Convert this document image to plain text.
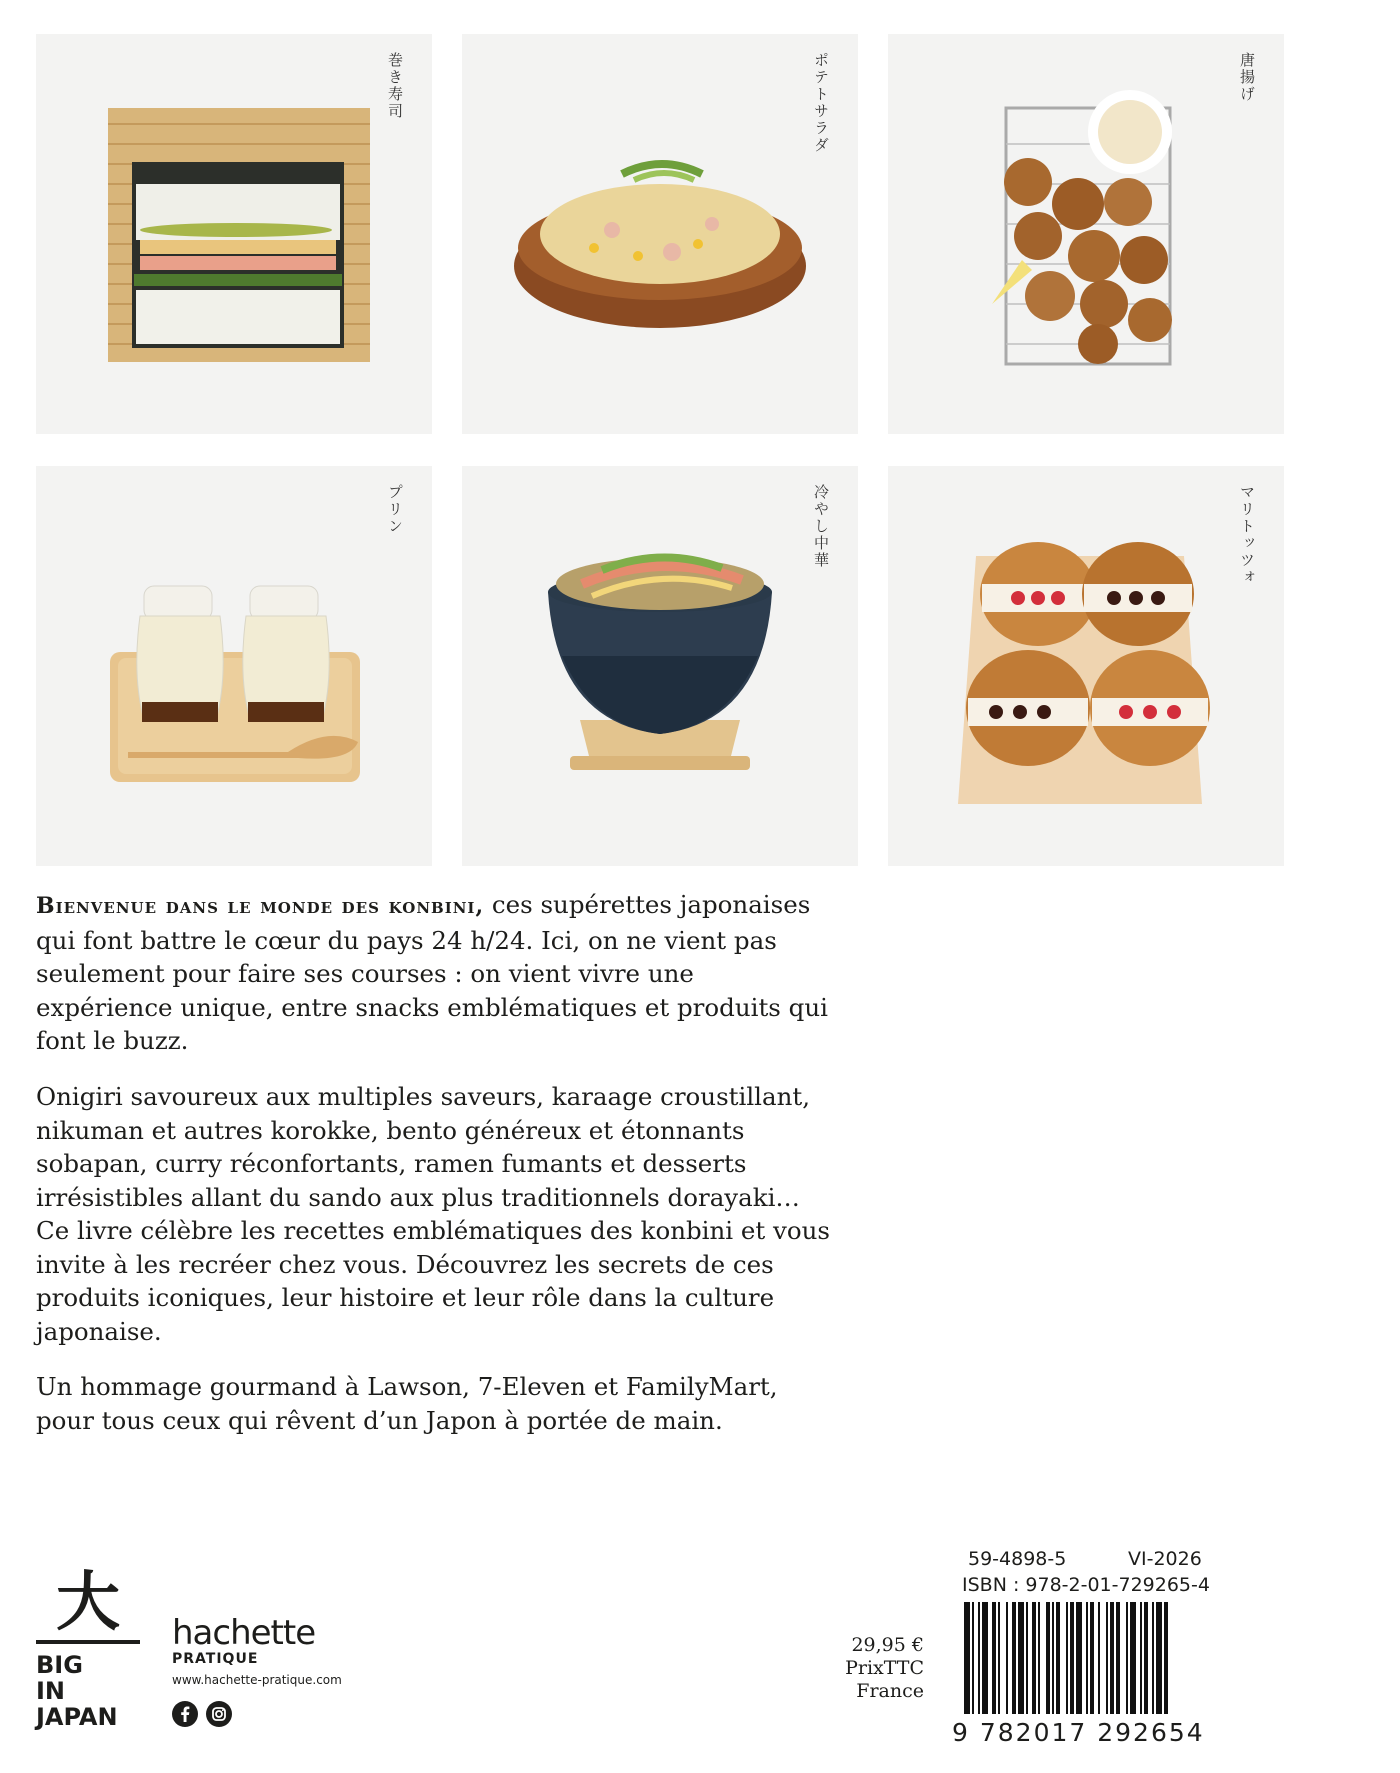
巻き寿司	ポテトサラダ	唐揚げ
プリン	冷やし中華	マリトッツォ

Bienvenue dans le monde des konbini, ces supérettes japonaises qui font battre le cœur du pays 24 h/24. Ici, on ne vient pas seulement pour faire ses courses : on vient vivre une expérience unique, entre snacks emblématiques et produits qui font le buzz.

Onigiri savoureux aux multiples saveurs, karaage croustillant, nikuman et autres korokke, bento généreux et étonnants sobapan, curry réconfortants, ramen fumants et desserts irrésistibles allant du sando aux plus traditionnels dorayaki… Ce livre célèbre les recettes emblématiques des konbini et vous invite à les recréer chez vous. Découvrez les secrets de ces produits iconiques, leur histoire et leur rôle dans la culture japonaise.

Un hommage gourmand à Lawson, 7-Eleven et FamilyMart, pour tous ceux qui rêvent d’un Japon à portée de main.

59-4898-5	VI-2026
ISBN : 978-2-01-729265-4
9 782017 292654
29,95 €
PrixTTC
France
大
BIG
IN
JAPAN
hachette
PRATIQUE
www.hachette-pratique.com
